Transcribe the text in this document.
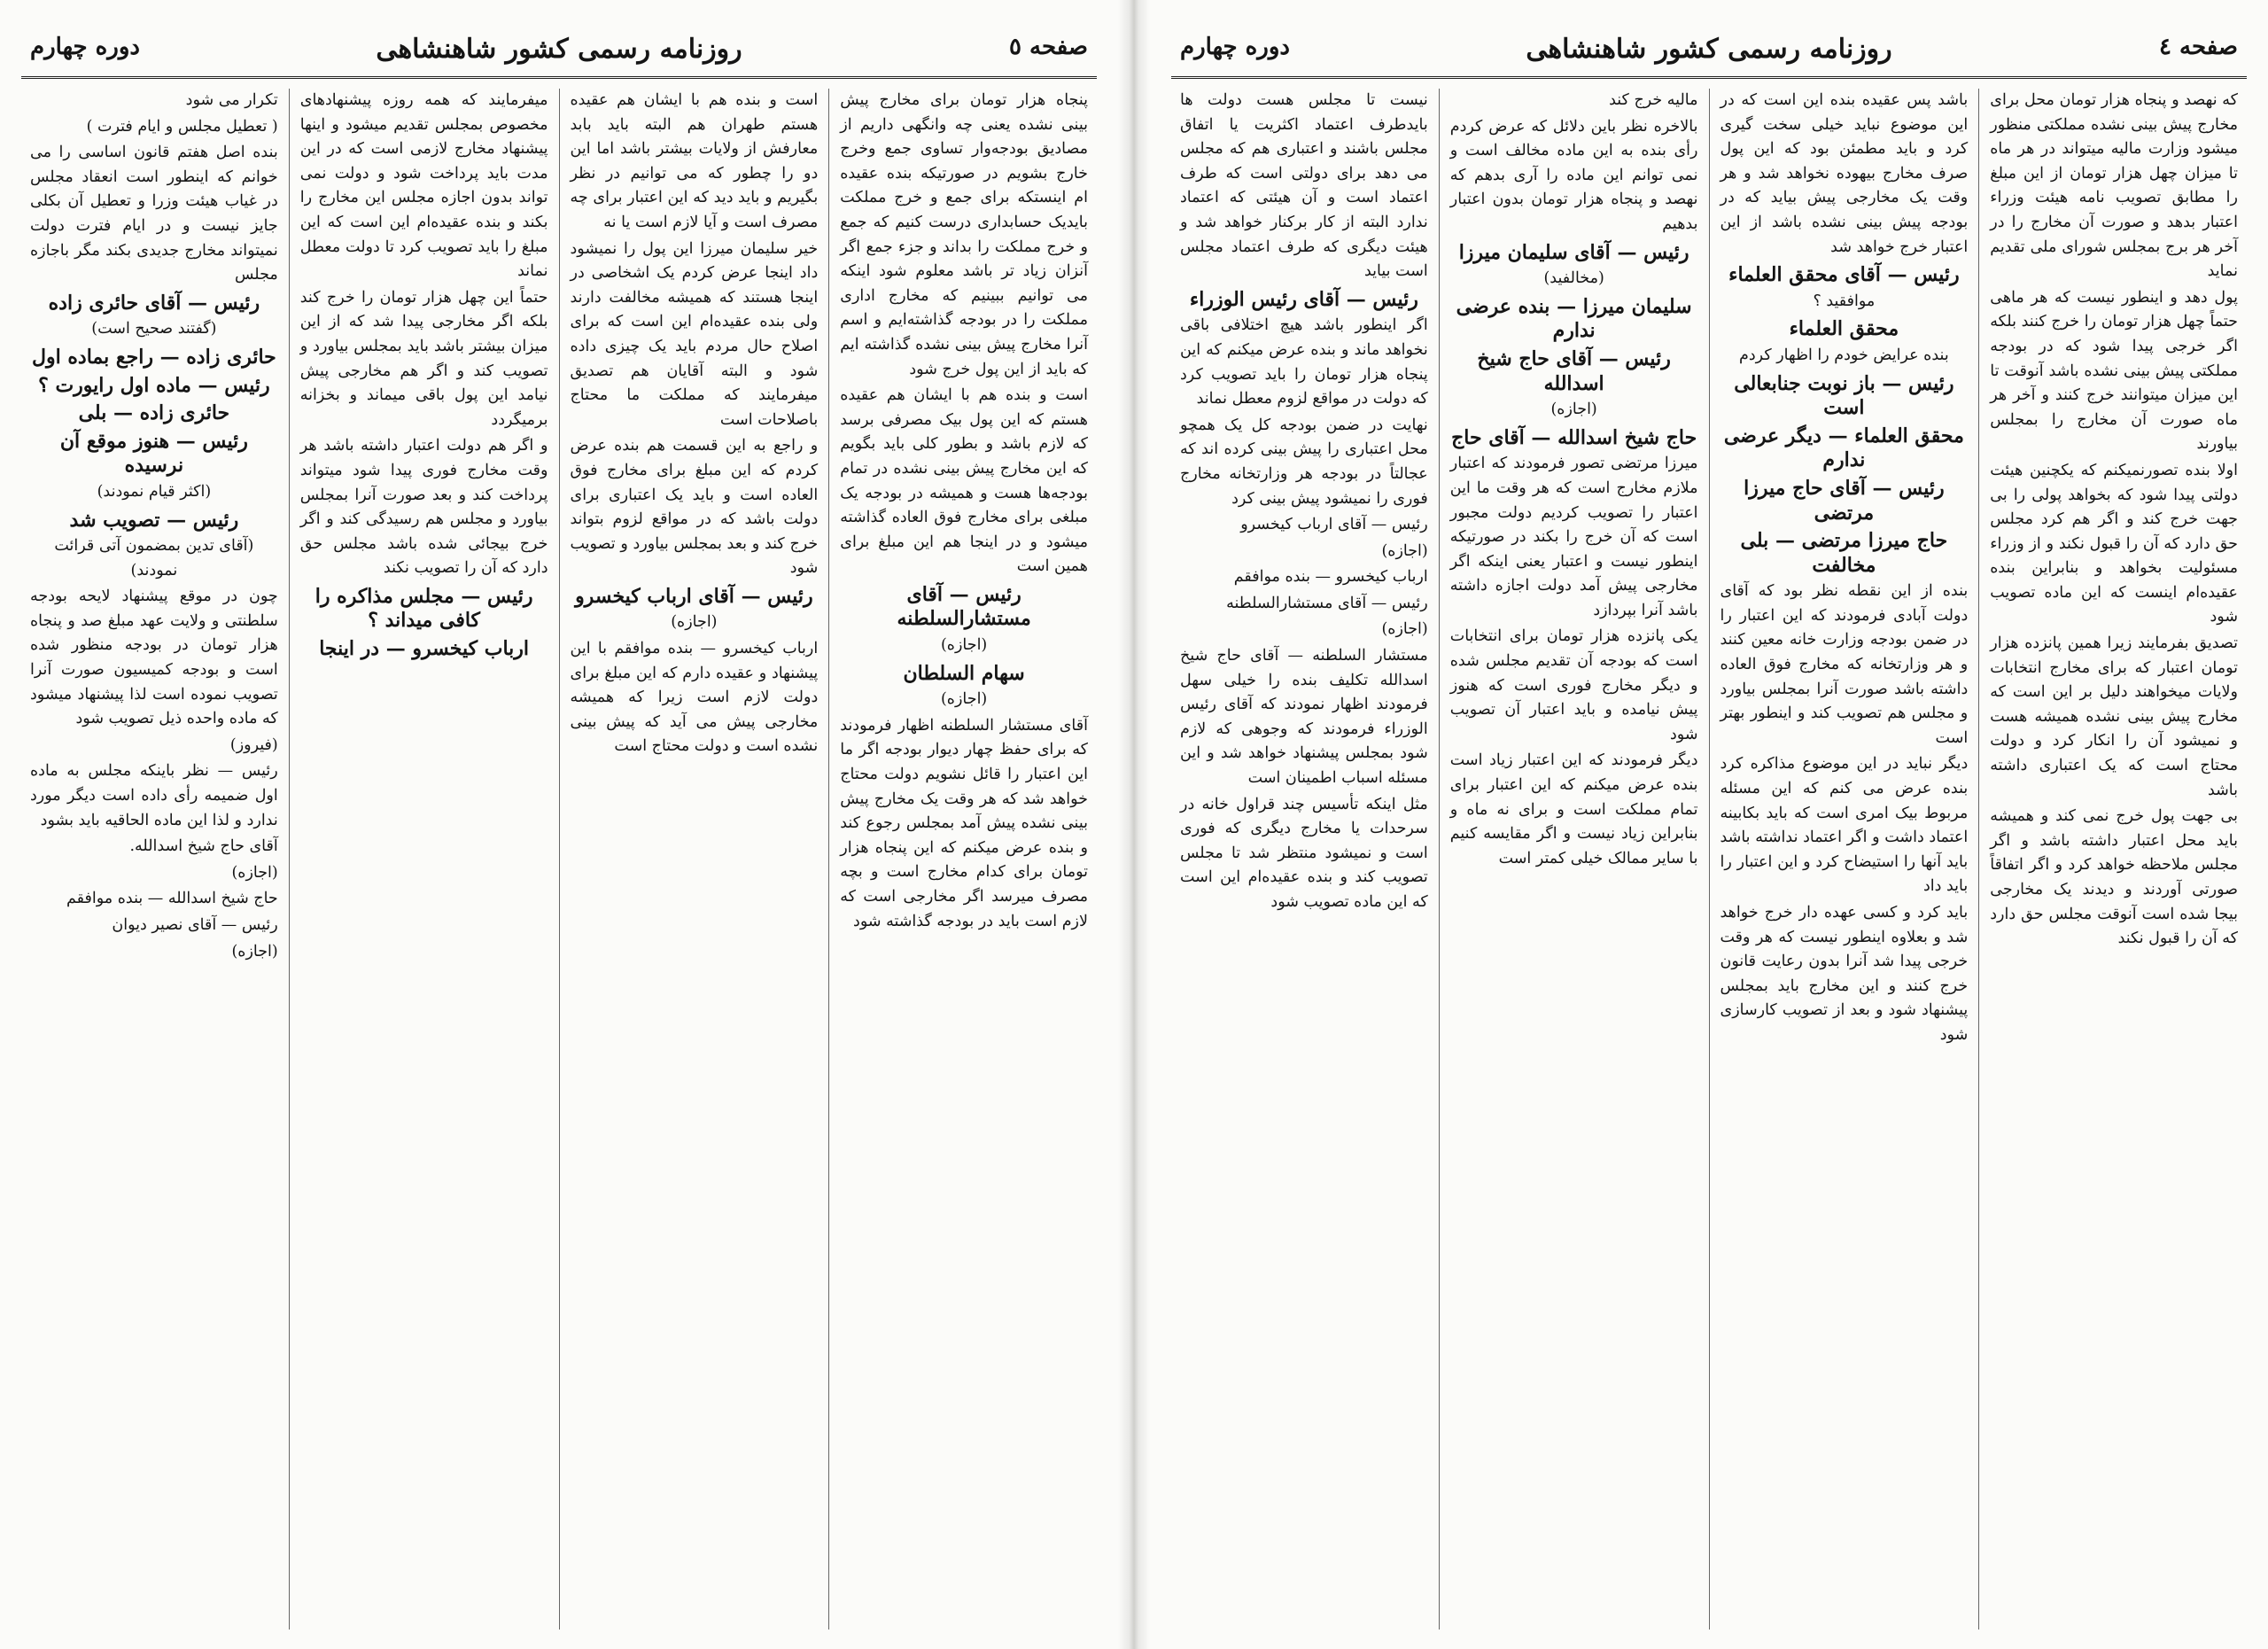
صفحه ٥
روزنامه رسمی کشور شاهنشاهی
دوره چهارم

پنجاه هزار تومان برای مخارج پیش بینی نشده یعنی چه وانگهی داریم از مصادیق بودجه‌وار تساوی جمع وخرج خارج بشویم در صورتیکه بنده عقیده ام اینستکه برای جمع و خرج مملکت بایدیک حسابداری درست کنیم که جمع و خرج مملکت را بداند و جزء جمع اگر آنزان زیاد تر باشد معلوم شود اینکه می توانیم ببینیم که مخارج اداری مملکت را در بودجه گذاشته‌ایم و اسم آنرا مخارج پیش بینی نشده گذاشته ایم که باید از این پول خرج شود

است و بنده هم با ایشان هم عقیده هستم که این پول بیک مصرفی برسد که لازم باشد و بطور کلی باید بگویم که این مخارج پیش بینی نشده در تمام بودجه‌ها هست و همیشه در بودجه یک مبلغی برای مخارج فوق العاده گذاشته میشود و در اینجا هم این مبلغ برای همین است

رئیس — آقای مستشارالسلطنه
(اجازه)
سهام السلطان
(اجازه)

آقای مستشار السلطنه اظهار فرمودند که برای حفظ چهار دیوار بودجه اگر ما این اعتبار را قائل نشویم دولت محتاج خواهد شد که هر وقت یک مخارج پیش بینی نشده پیش آمد بمجلس رجوع کند و بنده عرض میکنم که این پنجاه هزار تومان برای کدام مخارج است و بچه مصرف میرسد اگر مخارجی است که لازم است باید در بودجه گذاشته شود

است و بنده هم با ایشان هم عقیده هستم طهران هم البته باید بابد معارفش از ولایات بیشتر باشد اما این دو را چطور که می توانیم در نظر بگیریم و باید دید که این اعتبار برای چه مصرف است و آیا لازم است یا نه

خیر سلیمان میرزا این پول را نمیشود داد اینجا عرض کردم یک اشخاصی در اینجا هستند که همیشه مخالفت دارند ولی بنده عقیده‌ام این است که برای اصلاح حال مردم باید یک چیزی داده شود و البته آقایان هم تصدیق میفرمایند که مملکت ما محتاج باصلاحات است

و راجع به این قسمت هم بنده عرض کردم که این مبلغ برای مخارج فوق العاده است و باید یک اعتباری برای دولت باشد که در مواقع لزوم بتواند خرج کند و بعد بمجلس بیاورد و تصویب شود

رئیس — آقای ارباب کیخسرو
(اجازه)

ارباب کیخسرو — بنده موافقم با این پیشنهاد و عقیده دارم که این مبلغ برای دولت لازم است زیرا که همیشه مخارجی پیش می آید که پیش بینی نشده است و دولت محتاج است

میفرمایند که همه روزه پیشنهادهای مخصوص بمجلس تقدیم میشود و اینها پیشنهاد مخارج لازمی است که در این مدت باید پرداخت شود و دولت نمی تواند بدون اجازه مجلس این مخارج را بکند و بنده عقیده‌ام این است که این مبلغ را باید تصویب کرد تا دولت معطل نماند

حتماً این چهل هزار تومان را خرج کند بلکه اگر مخارجی پیدا شد که از این میزان بیشتر باشد باید بمجلس بیاورد و تصویب کند و اگر هم مخارجی پیش نیامد این پول باقی میماند و بخزانه برمیگردد

و اگر هم دولت اعتبار داشته باشد هر وقت مخارج فوری پیدا شود میتواند پرداخت کند و بعد صورت آنرا بمجلس بیاورد و مجلس هم رسیدگی کند و اگر خرج بیجائی شده باشد مجلس حق دارد که آن را تصویب نکند

رئیس — مجلس مذاکره را کافی میداند ؟
ارباب کیخسرو — در اینجا

تکرار می شود

( تعطیل مجلس و ایام فترت )

بنده اصل هفتم قانون اساسی را می خوانم که اینطور است انعقاد مجلس در غیاب هیئت وزرا و تعطیل آن بکلی جایز نیست و در ایام فترت دولت نمیتواند مخارج جدیدی بکند مگر باجازه مجلس

رئیس — آقای حائری زاده
(گفتند صحیح است)
حائری زاده — راجع بماده اول
رئیس — ماده اول رایورت ؟
حائری زاده — بلی
رئیس — هنوز موقع آن نرسیده
(اکثر قیام نمودند)
رئیس — تصویب شد
(آقای تدین بمضمون آتی قرائت نمودند)

چون در موقع پیشنهاد لایحه بودجه سلطنتی و ولایت عهد مبلغ صد و پنجاه هزار تومان در بودجه منظور شده است و بودجه کمیسیون صورت آنرا تصویب نموده است لذا پیشنهاد میشود که ماده واحده ذیل تصویب شود

(فیروز)

رئیس — نظر باینکه مجلس به ماده اول ضمیمه رأی داده است دیگر مورد ندارد و لذا این ماده الحاقیه باید بشود

آقای حاج شیخ اسدالله.

(اجازه)

حاج شیخ اسدالله — بنده موافقم

رئیس — آقای نصیر دیوان

(اجازه)

صفحه ٤
روزنامه رسمی کشور شاهنشاهی
دوره چهارم

که نهصد و پنجاه هزار تومان محل برای مخارج پیش بینی نشده مملکتی منظور میشود وزارت مالیه میتواند در هر ماه تا میزان چهل هزار تومان از این مبلغ را مطابق تصویب نامه هیئت وزراء اعتبار بدهد و صورت آن مخارج را در آخر هر برج بمجلس شورای ملی تقدیم نماید

پول دهد و اینطور نیست که هر ماهی حتماً چهل هزار تومان را خرج کنند بلکه اگر خرجی پیدا شود که در بودجه مملکتی پیش بینی نشده باشد آنوقت تا این میزان میتوانند خرج کنند و آخر هر ماه صورت آن مخارج را بمجلس بیاورند

اولا بنده تصورنمیکنم که یکچنین هیئت دولتی پیدا شود که بخواهد پولی را بی جهت خرج کند و اگر هم کرد مجلس حق دارد که آن را قبول نکند و از وزراء مسئولیت بخواهد و بنابراین بنده عقیده‌ام اینست که این ماده تصویب شود

تصدیق بفرمایند زیرا همین پانزده هزار تومان اعتبار که برای مخارج انتخابات ولایات میخواهند دلیل بر این است که مخارج پیش بینی نشده همیشه هست و نمیشود آن را انکار کرد و دولت محتاج است که یک اعتباری داشته باشد

بی جهت پول خرج نمی کند و همیشه باید محل اعتبار داشته باشد و اگر مجلس ملاحظه خواهد کرد و اگر اتفاقاً صورتی آوردند و دیدند یک مخارجی بیجا شده است آنوقت مجلس حق دارد که آن را قبول نکند

باشد پس عقیده بنده این است که در این موضوع نباید خیلی سخت گیری کرد و باید مطمئن بود که این پول صرف مخارج بیهوده نخواهد شد و هر وقت یک مخارجی پیش بیاید که در بودجه پیش بینی نشده باشد از این اعتبار خرج خواهد شد

رئیس — آقای محقق العلماء
موافقید ؟
محقق العلماء
بنده عرایض خودم را اظهار کردم
رئیس — باز نوبت جنابعالی است
محقق العلماء — دیگر عرضی ندارم
رئیس — آقای حاج میرزا مرتضی
حاج میرزا مرتضی — بلی مخالفت

بنده از این نقطه نظر بود که آقای دولت آبادی فرمودند که این اعتبار را در ضمن بودجه وزارت خانه معین کنند و هر وزارتخانه که مخارج فوق العاده داشته باشد صورت آنرا بمجلس بیاورد و مجلس هم تصویب کند و اینطور بهتر است

دیگر نباید در این موضوع مذاکره کرد بنده عرض می کنم که این مسئله مربوط بیک امری است که باید بکابینه اعتماد داشت و اگر اعتماد نداشته باشد باید آنها را استیضاح کرد و این اعتبار را باید داد

باید کرد و کسی عهده دار خرج خواهد شد و بعلاوه اینطور نیست که هر وقت خرجی پیدا شد آنرا بدون رعایت قانون خرج کنند و این مخارج باید بمجلس پیشنهاد شود و بعد از تصویب کارسازی شود

مالیه خرج کند

بالاخره نظر باین دلائل که عرض کردم رأی بنده به این ماده مخالف است و نمی توانم این ماده را آری بدهم که نهصد و پنجاه هزار تومان بدون اعتبار بدهیم

رئیس — آقای سلیمان میرزا
(مخالفید)
سلیمان میرزا — بنده عرضی ندارم
رئیس — آقای حاج شیخ اسدالله
(اجازه)
حاج شیخ اسدالله — آقای حاج

میرزا مرتضی تصور فرمودند که اعتبار ملازم مخارج است که هر وقت ما این اعتبار را تصویب کردیم دولت مجبور است که آن خرج را بکند در صورتیکه اینطور نیست و اعتبار یعنی اینکه اگر مخارجی پیش آمد دولت اجازه داشته باشد آنرا بپردازد

یکی پانزده هزار تومان برای انتخابات است که بودجه آن تقدیم مجلس شده و دیگر مخارج فوری است که هنوز پیش نیامده و باید اعتبار آن تصویب شود

دیگر فرمودند که این اعتبار زیاد است بنده عرض میکنم که این اعتبار برای تمام مملکت است و برای نه ماه و بنابراین زیاد نیست و اگر مقایسه کنیم با سایر ممالک خیلی کمتر است

نیست تا مجلس هست دولت ها بایدطرف اعتماد اکثریت یا اتفاق مجلس باشند و اعتباری هم که مجلس می دهد برای دولتی است که طرف اعتماد است و آن هیئتی که اعتماد ندارد البته از کار برکنار خواهد شد و هیئت دیگری که طرف اعتماد مجلس است بیاید

رئیس — آقای رئیس الوزراء

اگر اینطور باشد هیچ اختلافی باقی نخواهد ماند و بنده عرض میکنم که این پنجاه هزار تومان را باید تصویب کرد که دولت در مواقع لزوم معطل نماند

نهایت در ضمن بودجه کل یک همچو محل اعتباری را پیش بینی کرده اند که عجالتاً در بودجه هر وزارتخانه مخارج فوری را نمیشود پیش بینی کرد

رئیس — آقای ارباب کیخسرو

(اجازه)

ارباب کیخسرو — بنده موافقم

رئیس — آقای مستشارالسلطنه

(اجازه)

مستشار السلطنه — آقای حاج شیخ اسدالله تکلیف بنده را خیلی سهل فرمودند اظهار نمودند که آقای رئیس الوزراء فرمودند که وجوهی که لازم شود بمجلس پیشنهاد خواهد شد و این مسئله اسباب اطمینان است

مثل اینکه تأسیس چند قراول خانه در سرحدات یا مخارج دیگری که فوری است و نمیشود منتظر شد تا مجلس تصویب کند و بنده عقیده‌ام این است که این ماده تصویب شود
